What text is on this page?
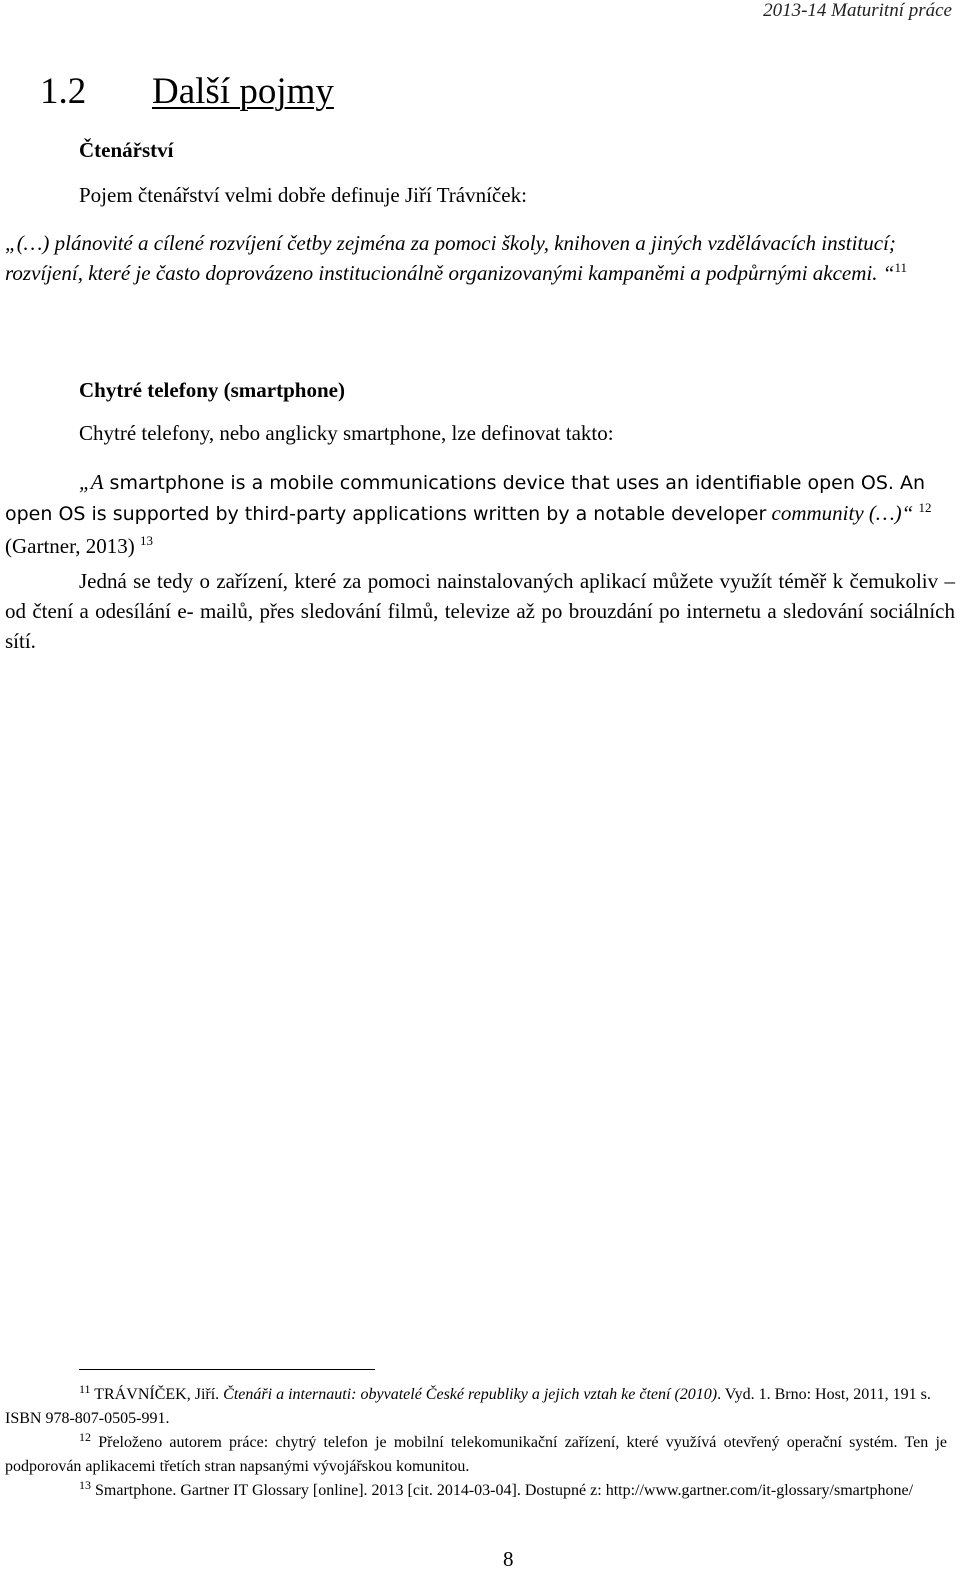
2013-14 Maturitní práce
1.2 Další pojmy
Čtenářství
Pojem čtenářství velmi dobře definuje Jiří Trávníček:
„(…) plánovité a cílené rozvíjení četby zejména za pomoci školy, knihoven a jiných vzdělávacích institucí; rozvíjení, které je často doprovázeno institucionálně organizovanými kampaněmi a podpůrnými akcemi. “$^{11}$
Chytré telefony (smartphone)
Chytré telefony, nebo anglicky smartphone, lze definovat takto:
„A smartphone is a mobile communications device that uses an identifiable open OS. An open OS is supported by third-party applications written by a notable developer community (…)“ $^{12}$ (Gartner, 2013) $^{13}$
Jedná se tedy o zařízení, které za pomoci nainstalovaných aplikací můžete využít téměř k čemukoliv – od čtení a odesílání e- mailů, přes sledování filmů, televize až po brouzdání po internetu a sledování sociálních sítí.
$^{11}$ TRÁVNÍČEK, Jiří. Čtenáři a internauti: obyvatelé České republiky a jejich vztah ke čtení (2010). Vyd. 1. Brno: Host, 2011, 191 s. ISBN 978-807-0505-991.
$^{12}$ Přeloženo autorem práce: chytrý telefon je mobilní telekomunikační zařízení, které využívá otevřený operační systém. Ten je podporován aplikacemi třetích stran napsanými vývojářskou komunitou.
$^{13}$ Smartphone. Gartner IT Glossary [online]. 2013 [cit. 2014-03-04]. Dostupné z: http://www.gartner.com/it-glossary/smartphone/
8
